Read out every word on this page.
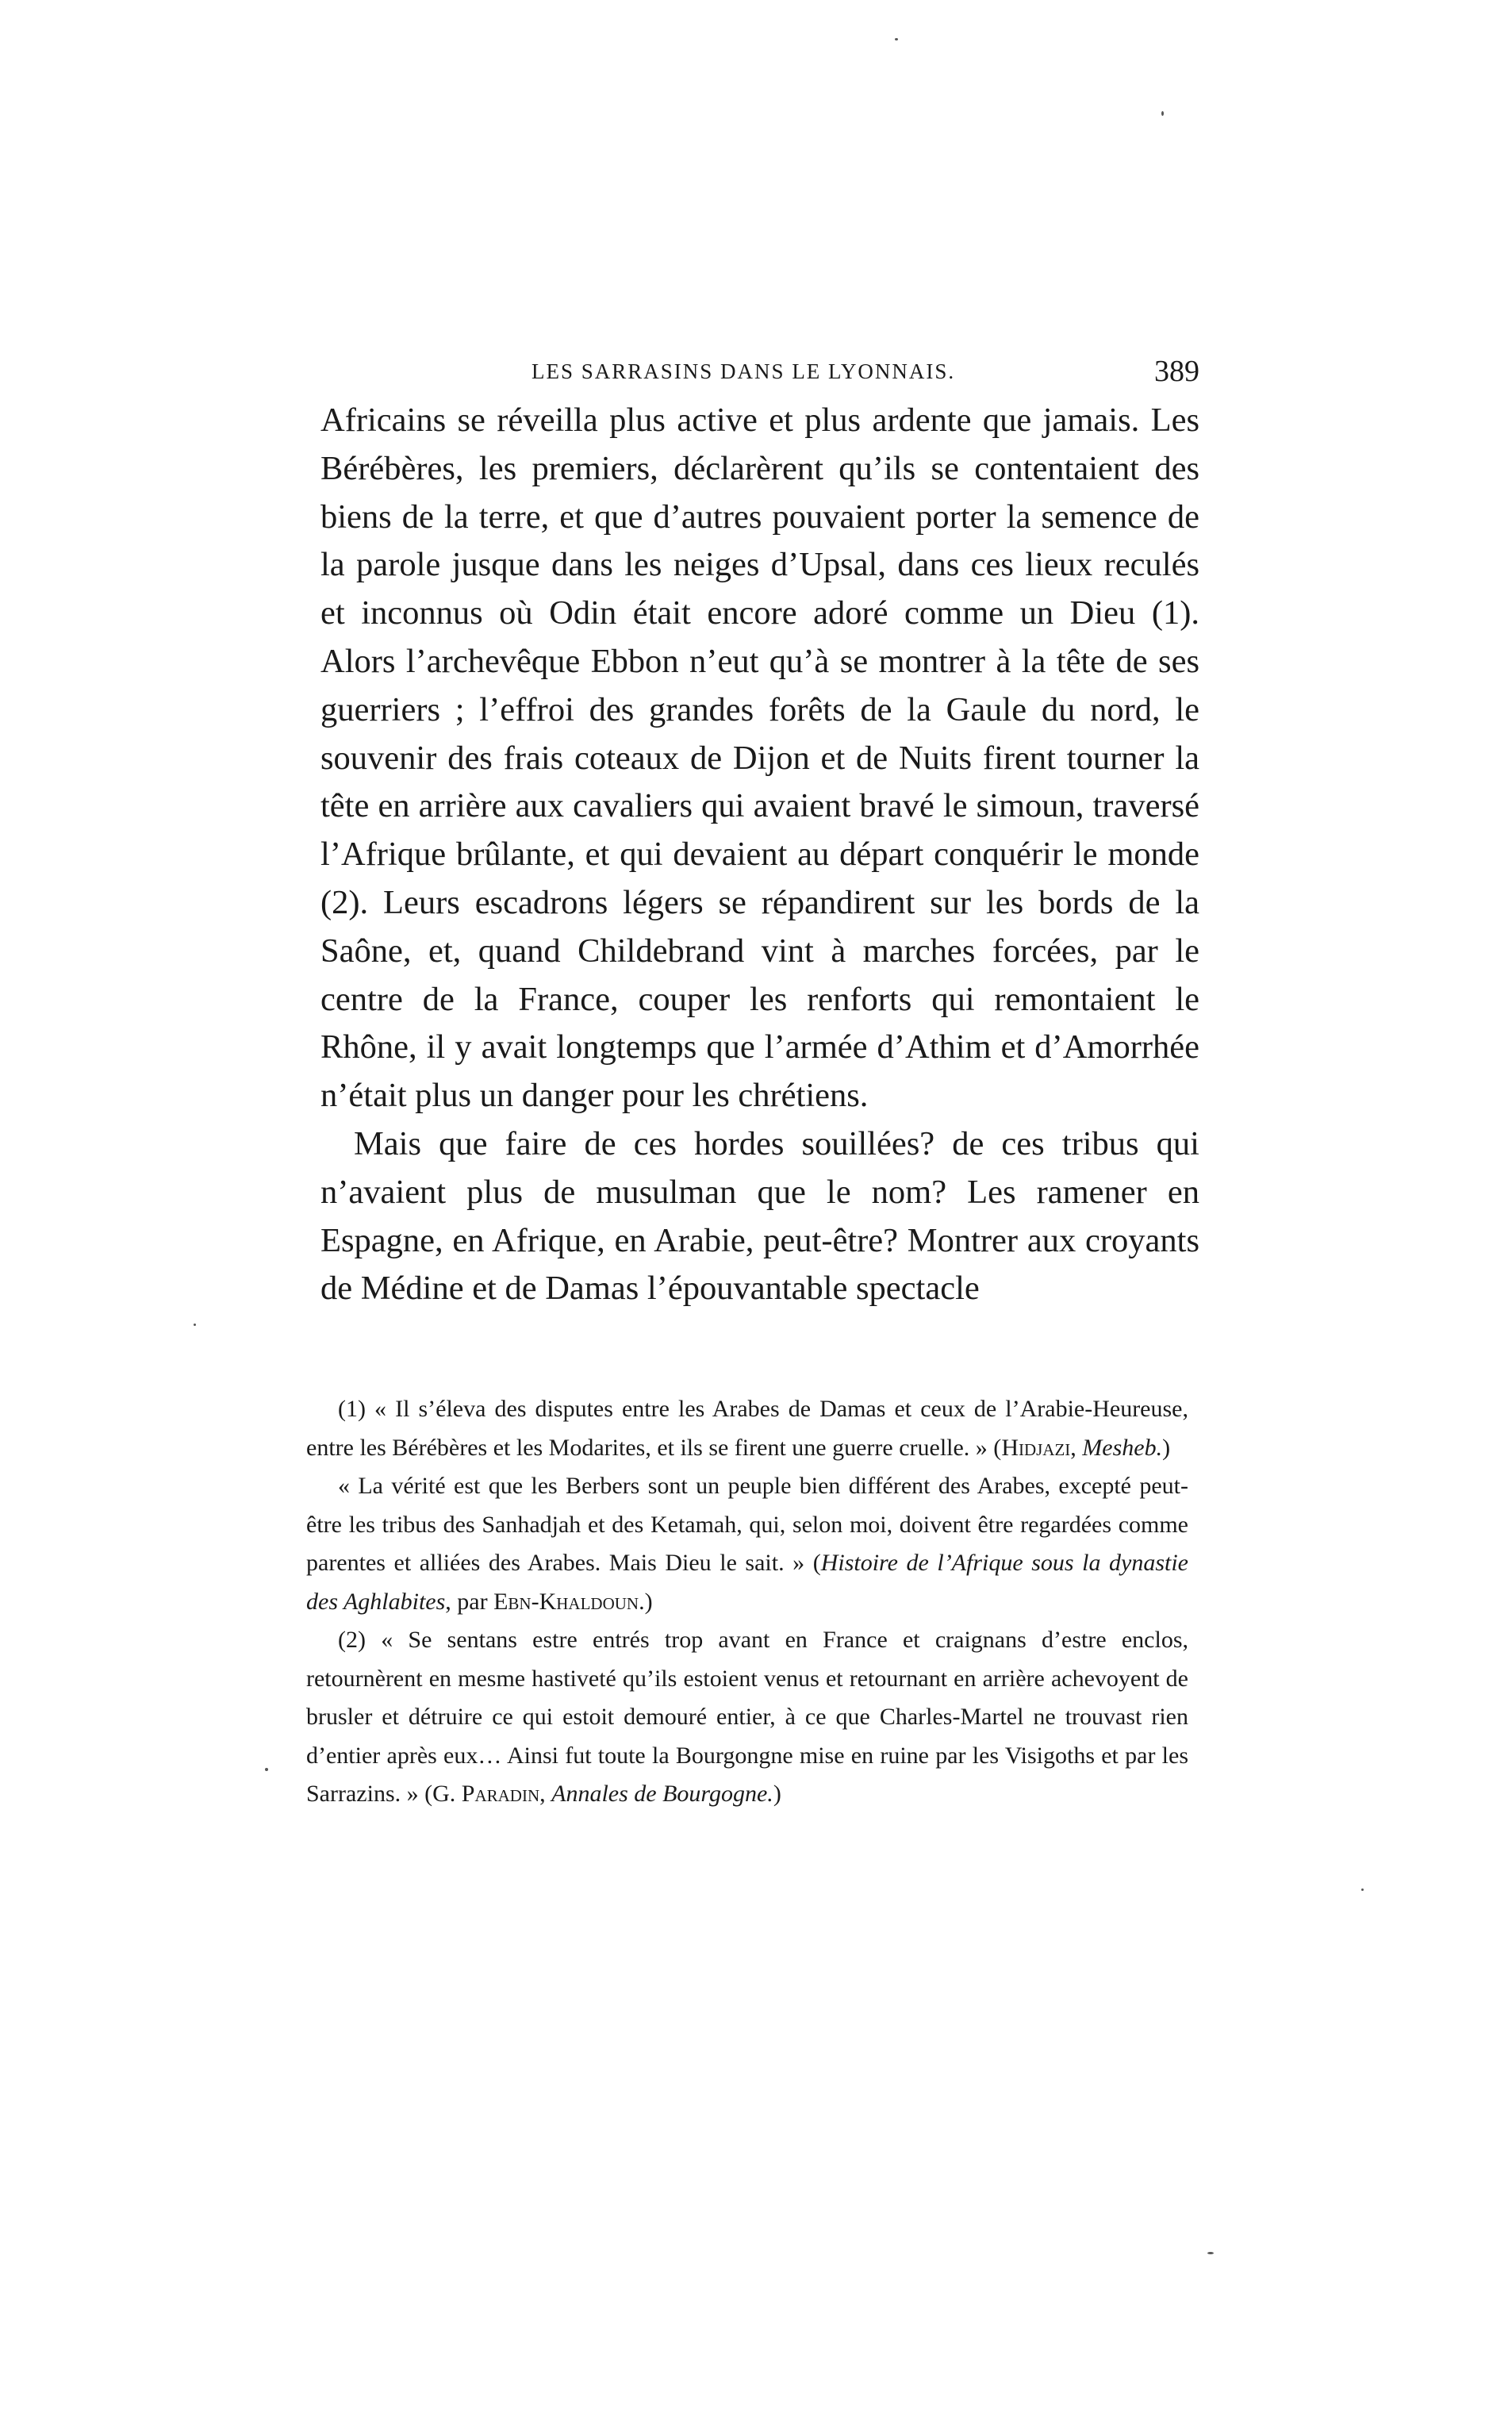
LES SARRASINS DANS LE LYONNAIS.	389

Africains se réveilla plus active et plus ardente que jamais. Les Bérébères, les premiers, déclarèrent qu’ils se contentaient des biens de la terre, et que d’autres pouvaient porter la semence de la parole jusque dans les neiges d’Upsal, dans ces lieux reculés et inconnus où Odin était encore adoré comme un Dieu (1). Alors l’archevêque Ebbon n’eut qu’à se montrer à la tête de ses guerriers ; l’effroi des grandes forêts de la Gaule du nord, le souvenir des frais coteaux de Dijon et de Nuits firent tourner la tête en arrière aux cavaliers qui avaient bravé le simoun, traversé l’Afrique brûlante, et qui devaient au départ conquérir le monde (2). Leurs escadrons légers se répandirent sur les bords de la Saône, et, quand Childebrand vint à marches forcées, par le centre de la France, couper les renforts qui remontaient le Rhône, il y avait longtemps que l’armée d’Athim et d’Amorrhée n’était plus un danger pour les chrétiens.

Mais que faire de ces hordes souillées? de ces tribus qui n’avaient plus de musulman que le nom? Les ramener en Espagne, en Afrique, en Arabie, peut-être? Montrer aux croyants de Médine et de Damas l’épouvantable spectacle

(1) « Il s’éleva des disputes entre les Arabes de Damas et ceux de l’Arabie-Heureuse, entre les Bérébères et les Modarites, et ils se firent une guerre cruelle. » (Hidjazi, Mesheb.)

« La vérité est que les Berbers sont un peuple bien différent des Arabes, excepté peut-être les tribus des Sanhadjah et des Ketamah, qui, selon moi, doivent être regardées comme parentes et alliées des Arabes. Mais Dieu le sait. » (Histoire de l’Afrique sous la dynastie des Aghlabites, par Ebn-Khaldoun.)

(2) « Se sentans estre entrés trop avant en France et craignans d’estre enclos, retournèrent en mesme hastiveté qu’ils estoient venus et retournant en arrière achevoyent de brusler et détruire ce qui estoit demouré entier, à ce que Charles-Martel ne trouvast rien d’entier après eux… Ainsi fut toute la Bourgongne mise en ruine par les Visigoths et par les Sarrazins. » (G. Paradin, Annales de Bourgogne.)
